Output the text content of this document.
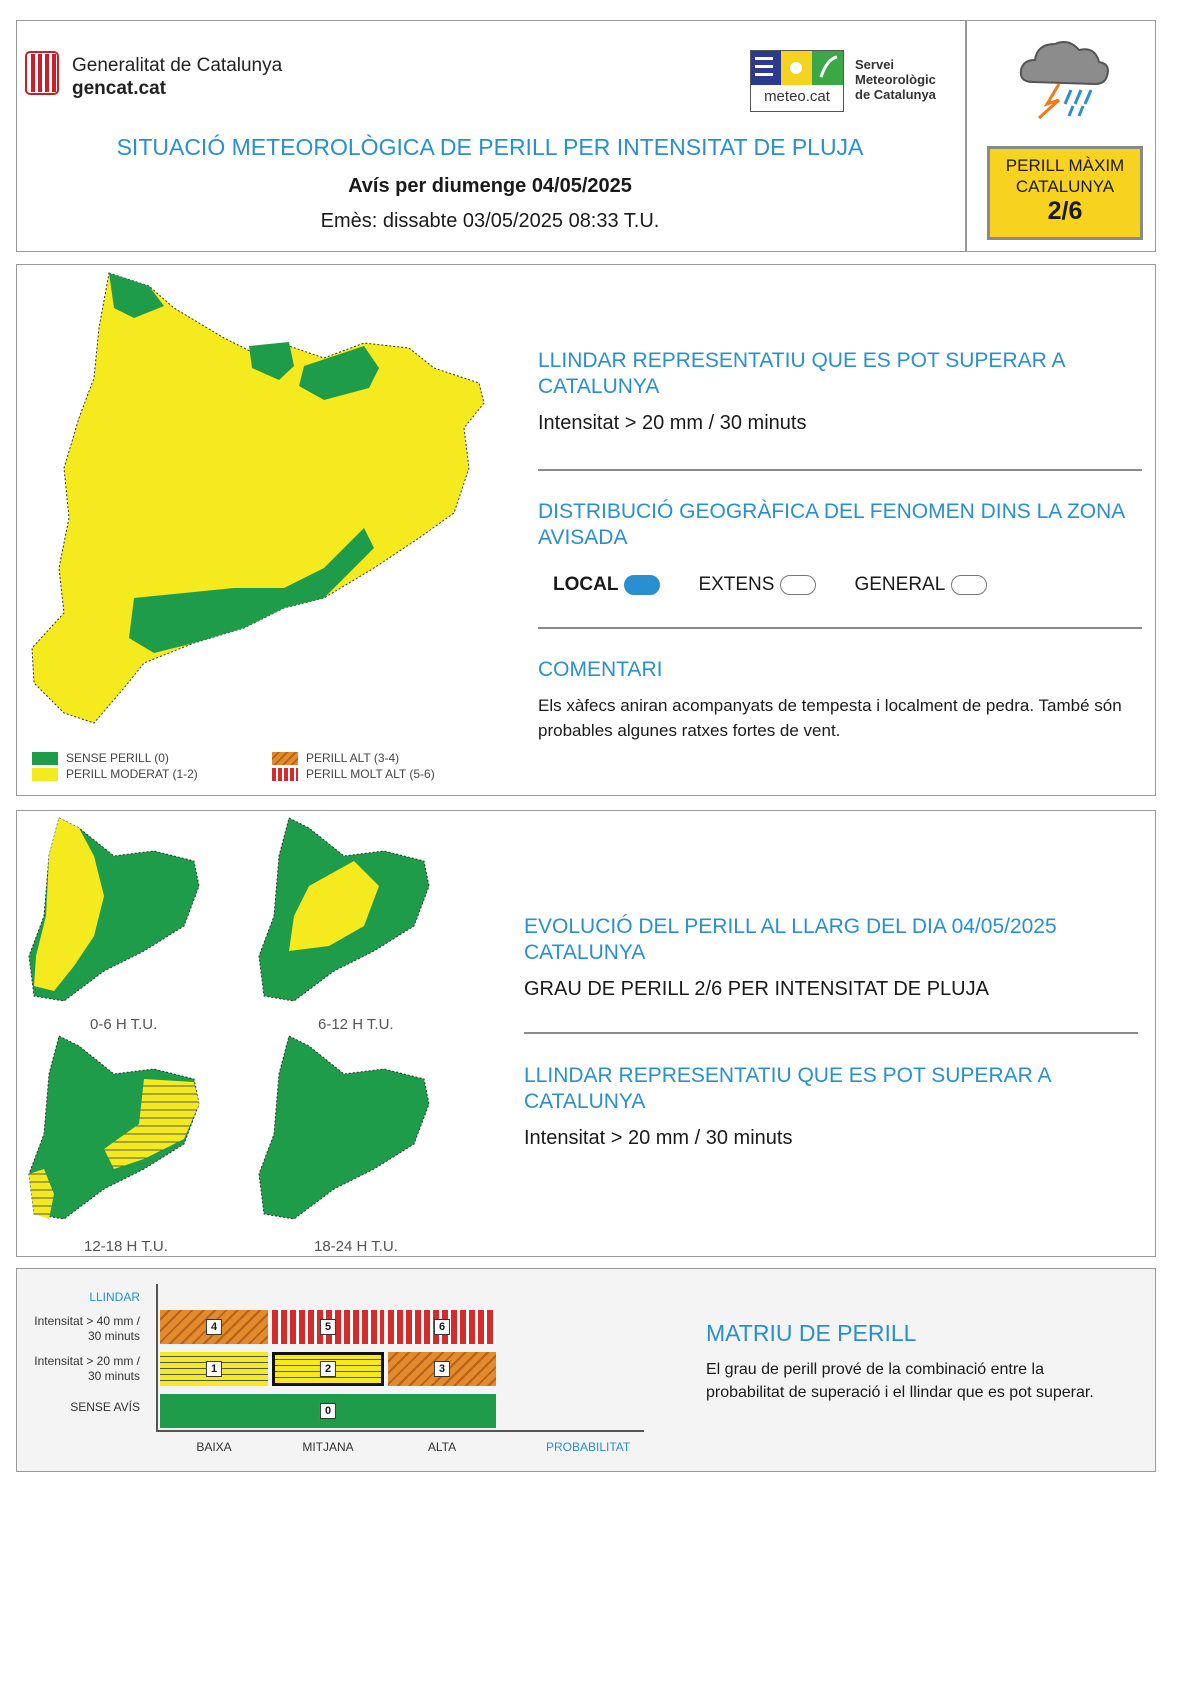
Generalitat de Catalunya
gencat.cat	meteo.cat
Servei
Meteorològic
de Catalunya
SITUACIÓ METEOROLÒGICA DE PERILL PER INTENSITAT DE PLUJA
Avís per diumenge 04/05/2025
Emès: dissabte 03/05/2025 08:33 T.U.
PERILL MÀXIM CATALUNYA
2/6
SENSE PERILL (0)
PERILL MODERAT (1-2)
PERILL ALT (3-4)
PERILL MOLT ALT (5-6)
LLINDAR REPRESENTATIU QUE ES POT SUPERAR A CATALUNYA
Intensitat > 20 mm / 30 minuts
DISTRIBUCIÓ GEOGRÀFICA DEL FENOMEN DINS LA ZONA AVISADA
LOCAL	EXTENS	GENERAL
COMENTARI
Els xàfecs aniran acompanyats de tempesta i localment de pedra. També són probables algunes ratxes fortes de vent.
0-6 H T.U.	6-12 H T.U.
12-18 H T.U.	18-24 H T.U.
EVOLUCIÓ DEL PERILL AL LLARG DEL DIA 04/05/2025 CATALUNYA
GRAU DE PERILL 2/6 PER INTENSITAT DE PLUJA
LLINDAR REPRESENTATIU QUE ES POT SUPERAR A CATALUNYA
Intensitat > 20 mm / 30 minuts
LLINDAR
Intensitat > 40 mm / 30 minuts
Intensitat > 20 mm / 30 minuts
SENSE AVÍS
4	5	6
1	2	3
0
BAIXA	MITJANA	ALTA	PROBABILITAT
MATRIU DE PERILL
El grau de perill prové de la combinació entre la probabilitat de superació i el llindar que es pot superar.
